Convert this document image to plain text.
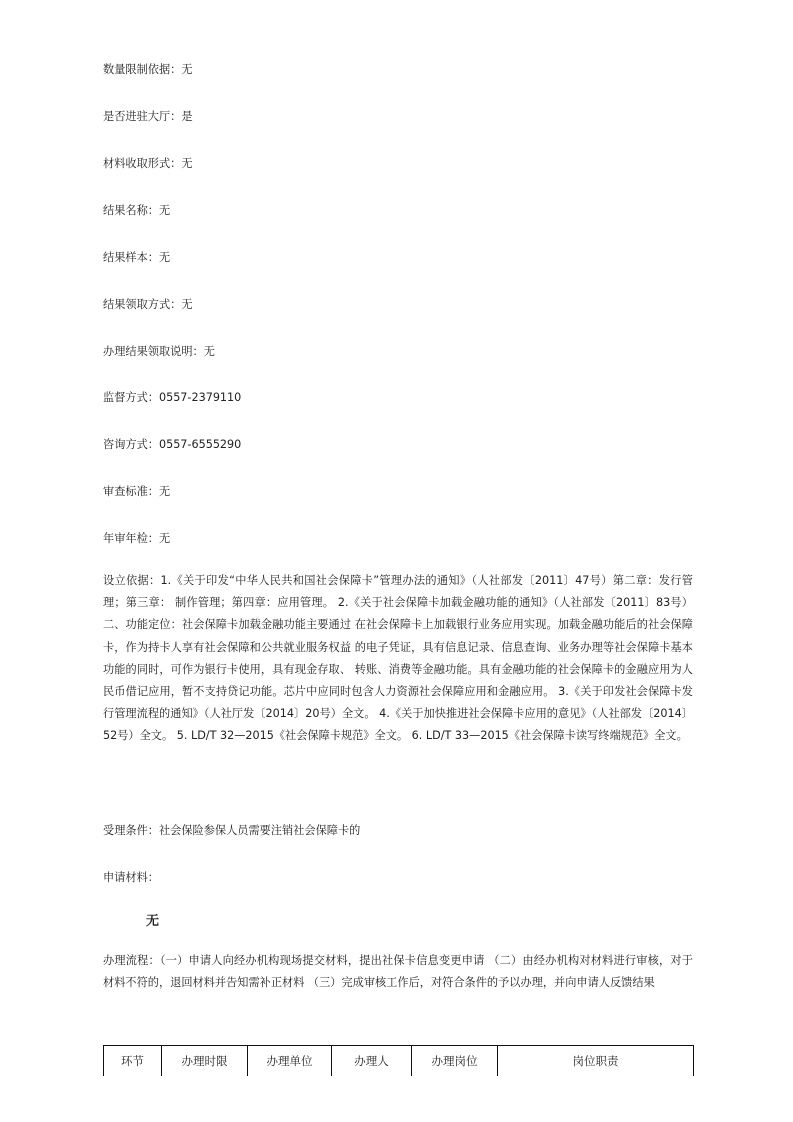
数量限制依据：无
是否进驻大厅：是
材料收取形式：无
结果名称：无
结果样本：无
结果领取方式：无
办理结果领取说明：无
监督方式：0557-2379110
咨询方式：0557-6555290
审查标准：无
年审年检：无
设立依据：1.《关于印发“中华人民共和国社会保障卡”管理办法的通知》（人社部发〔2011〕47号）第二章：发行管理；第三章： 制作管理；第四章：应用管理。 2.《关于社会保障卡加载金融功能的通知》（人社部发〔2011〕83号）二、功能定位：社会保障卡加载金融功能主要通过 在社会保障卡上加载银行业务应用实现。加载金融功能后的社会保障卡，作为持卡人享有社会保障和公共就业服务权益 的电子凭证，具有信息记录、信息查询、业务办理等社会保障卡基本功能的同时，可作为银行卡使用，具有现金存取、 转账、消费等金融功能。具有金融功能的社会保障卡的金融应用为人民币借记应用，暂不支持贷记功能。芯片中应同时包含人力资源社会保障应用和金融应用。 3.《关于印发社会保障卡发行管理流程的通知》（人社厅发〔2014〕20号）全文。 4.《关于加快推进社会保障卡应用的意见》（人社部发〔2014〕52号）全文。 5. LD/T 32—2015《社会保障卡规范》全文。 6. LD/T 33—2015《社会保障卡读写终端规范》全文。
受理条件：社会保险参保人员需要注销社会保障卡的
申请材料：
无
办理流程：（一）申请人向经办机构现场提交材料，提出社保卡信息变更申请 （二）由经办机构对材料进行审核，对于材料不符的，退回材料并告知需补正材料 （三）完成审核工作后，对符合条件的予以办理，并向申请人反馈结果
环节	办理时限	办理单位	办理人	办理岗位	岗位职责
